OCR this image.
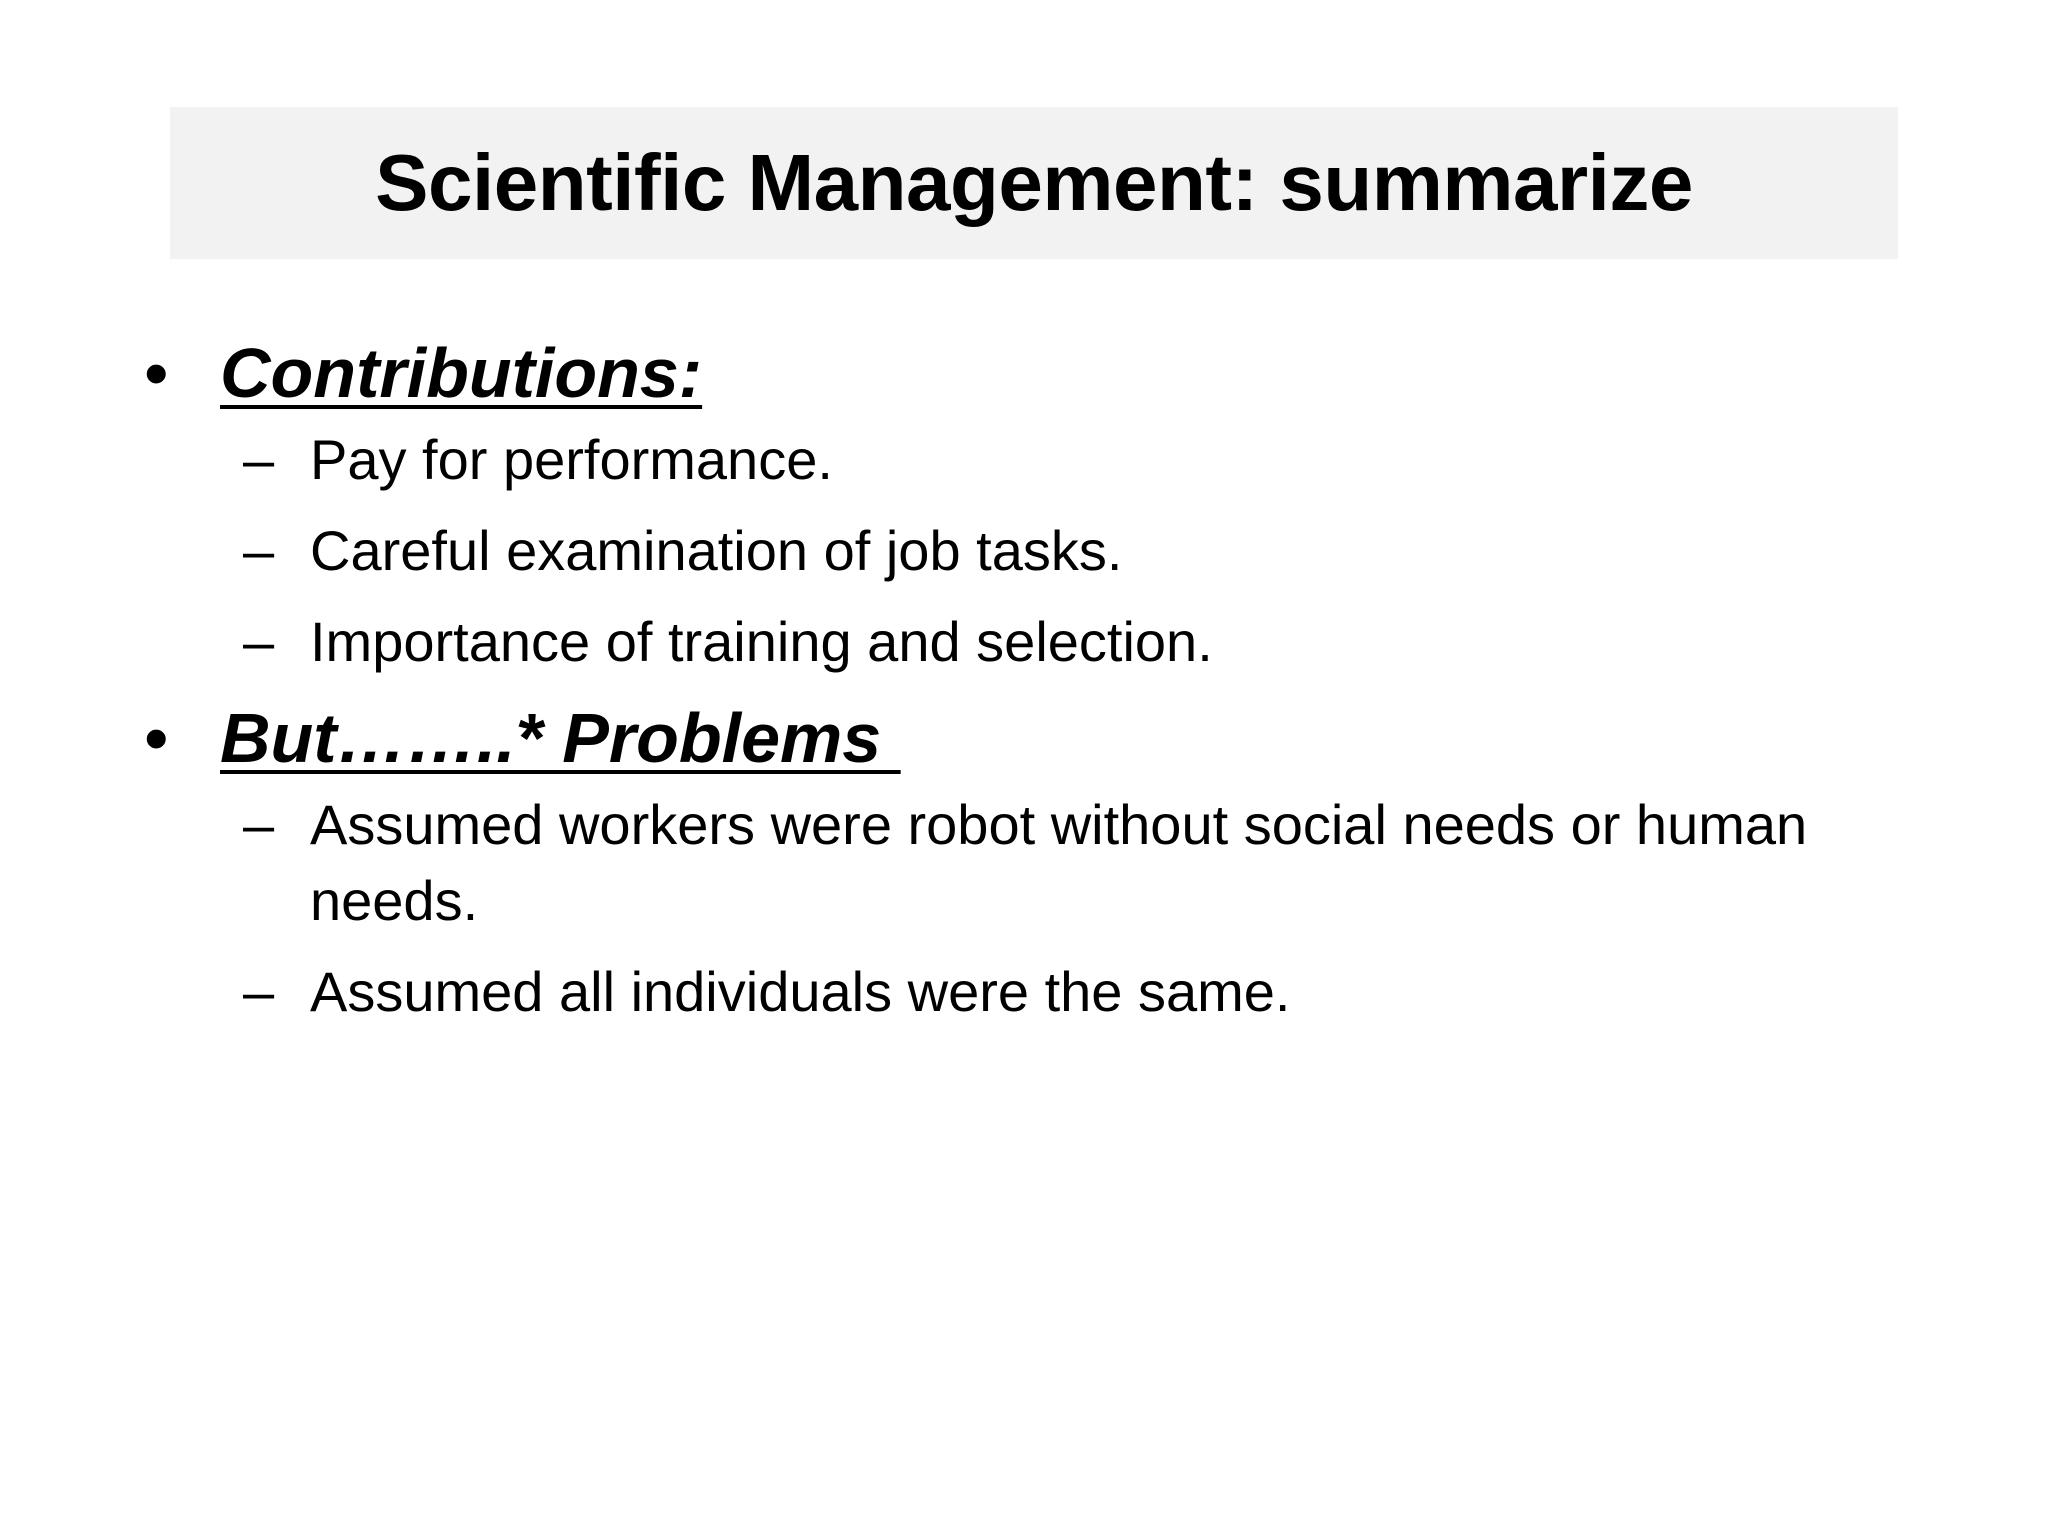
Scientific Management: summarize
• Contributions:
– Pay for performance.
– Careful examination of job tasks.
– Importance of training and selection.
• But……..* Problems
– Assumed workers were robot without social needs or human needs.
– Assumed all individuals were the same.
